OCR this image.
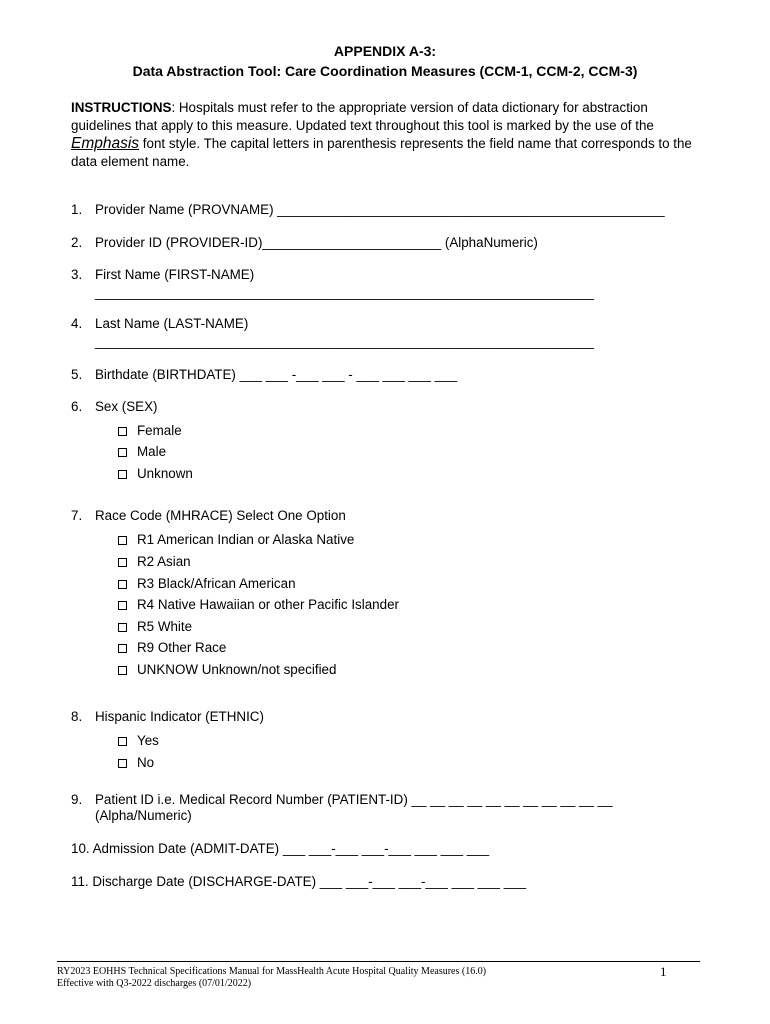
APPENDIX A-3:
Data Abstraction Tool: Care Coordination Measures (CCM-1, CCM-2, CCM-3)
INSTRUCTIONS: Hospitals must refer to the appropriate version of data dictionary for abstraction guidelines that apply to this measure. Updated text throughout this tool is marked by the use of the Emphasis font style. The capital letters in parenthesis represents the field name that corresponds to the data element name.
1. Provider Name (PROVNAME) ____________________________________________________
2. Provider ID (PROVIDER-ID)________________________ (AlphaNumeric)
3. First Name (FIRST-NAME)
___________________________________________________________________
4. Last Name (LAST-NAME)
___________________________________________________________________
5. Birthdate (BIRTHDATE) ___ ___ -___ ___ - ___ ___ ___ ___
6. Sex (SEX)
Female
Male
Unknown
7. Race Code (MHRACE) Select One Option
R1 American Indian or Alaska Native
R2 Asian
R3 Black/African American
R4 Native Hawaiian or other Pacific Islander
R5 White
R9 Other Race
UNKNOW Unknown/not specified
8. Hispanic Indicator (ETHNIC)
Yes
No
9. Patient ID i.e. Medical Record Number (PATIENT-ID) __ __ __ __ __ __ __ __ __ __ __
(Alpha/Numeric)
10. Admission Date (ADMIT-DATE) ___ ___-___ ___-___ ___ ___ ___
11. Discharge Date (DISCHARGE-DATE) ___ ___-___ ___-___ ___ ___ ___
RY2023 EOHHS Technical Specifications Manual for MassHealth Acute Hospital Quality Measures (16.0)
Effective with Q3-2022 discharges (07/01/2022)
1
